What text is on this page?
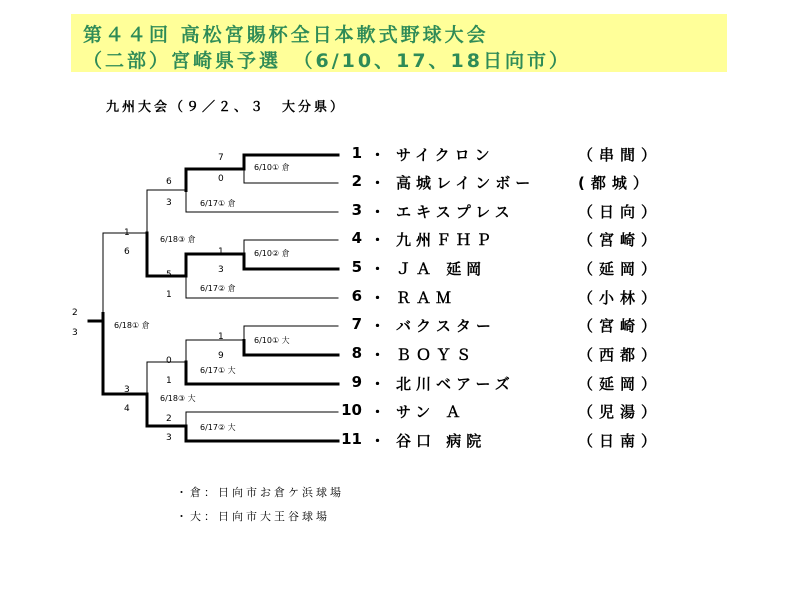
第４４回 高松宮賜杯全日本軟式野球大会

（二部）宮崎県予選　（6/10、17、18日向市）

九州大会（９／２、３　大分県）

6/10① 倉
7
0
6/17① 倉
6
3
6/10② 倉
1
3
6/17② 倉
5
1
6/18③ 倉
1
6
6/10① 大
1
9
6/17① 大
0
1
6/17② 大
2
3
6/18③ 大
3
4
6/18① 倉
2
3
1 ・ サイクロン	（串間）
2 ・ 高城レインボー	(都城）
3 ・ エキスプレス	（日向）
4 ・ 九州ＦＨＰ	（宮崎）
5 ・ ＪＡ 延岡	（延岡）
6 ・ ＲＡＭ	（小林）
7 ・ バクスター	（宮崎）
8 ・ ＢＯＹＳ	（西都）
9 ・ 北川ベアーズ	（延岡）
10 ・ サン Ａ	（児湯）
11 ・ 谷口 病院	（日南）
・倉：日向市お倉ケ浜球場
・大：日向市大王谷球場
